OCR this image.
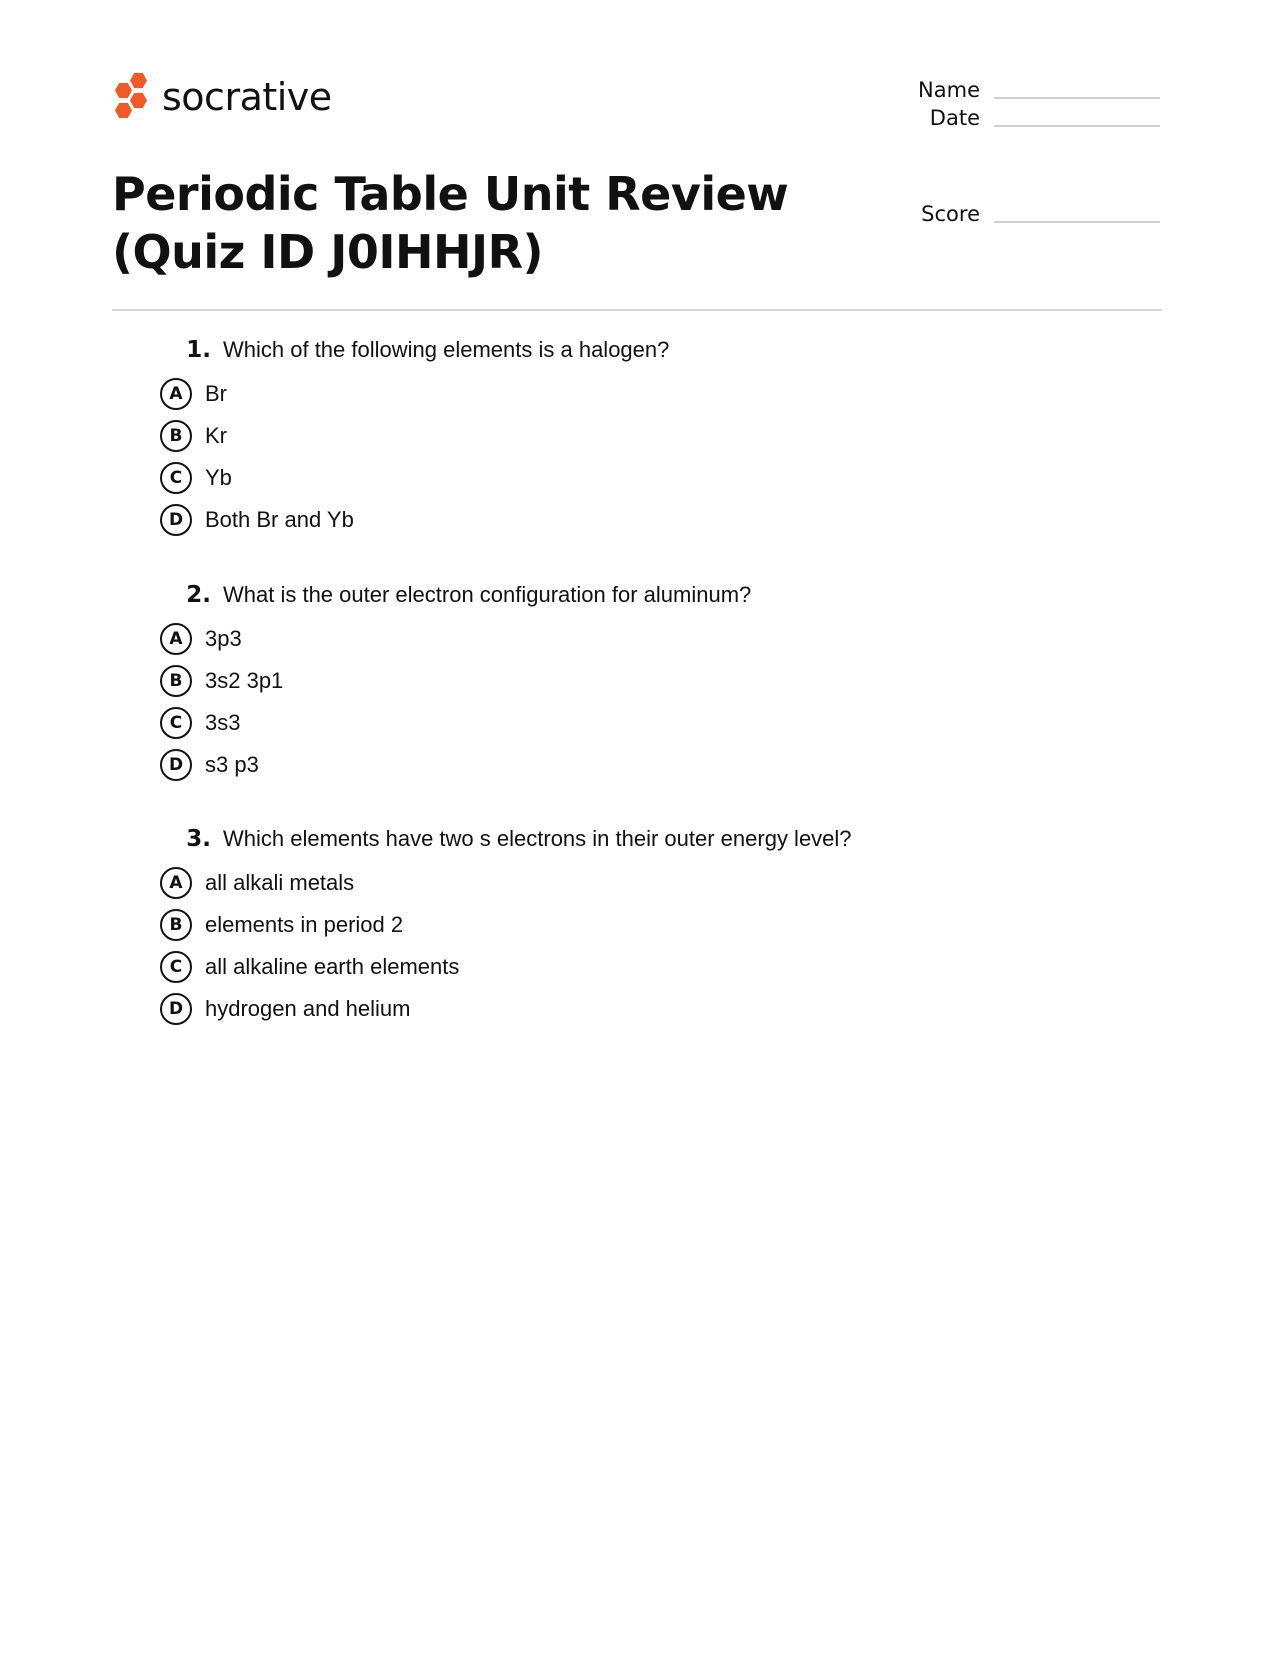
socrative	Name
Date
Score
Periodic Table Unit Review (Quiz ID J0IHHJR)
1. Which of the following elements is a halogen?
A	Br
B	Kr
C	Yb
D Both Br and Yb
2. What is the outer electron configuration for aluminum?
A	3p3
B	3s2 3p1
C	3s3
D s3 p3
3. Which elements have two s electrons in their outer energy level?
A	all alkali metals
B	elements in period 2
C	all alkaline earth elements
D hydrogen and helium
